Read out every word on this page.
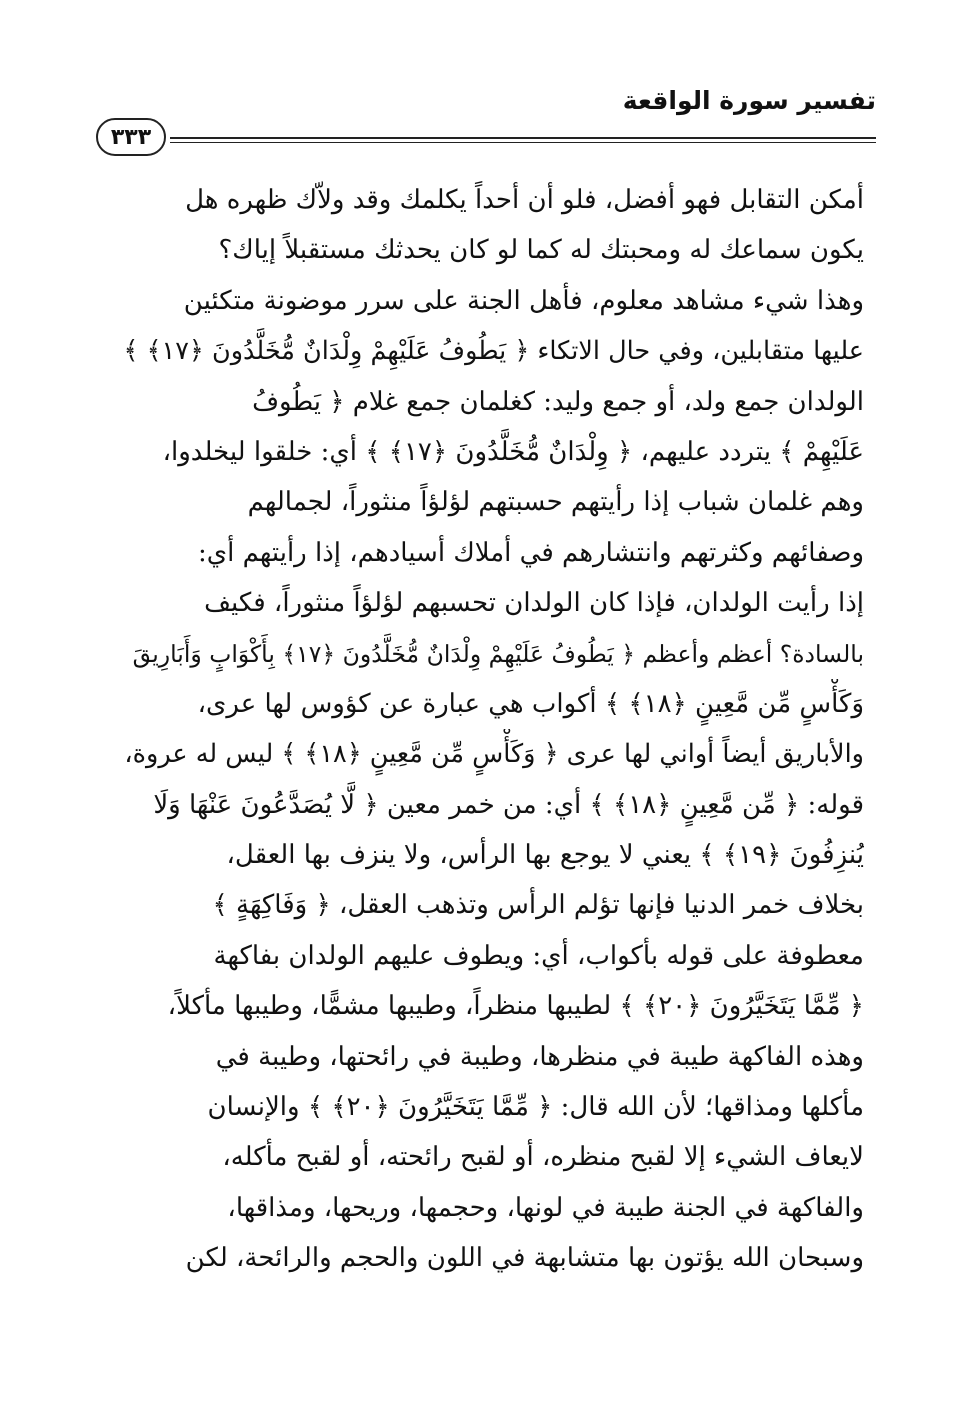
تفسير سورة الواقعة
٣٣٣
أمكن التقابل فهو أفضل، فلو أن أحداً يكلمك وقد ولاّك ظهره هل
يكون سماعك له ومحبتك له كما لو كان يحدثك مستقبلاً إياك؟
وهذا شيء مشاهد معلوم، فأهل الجنة على سرر موضونة متكئين
عليها متقابلين، وفي حال الاتكاء ﴿ يَطُوفُ عَلَيْهِمْ وِلْدَانٌ مُّخَلَّدُونَ ﴿١٧﴾ ﴾
الولدان جمع ولد، أو جمع وليد: كغلمان جمع غلام ﴿ يَطُوفُ
عَلَيْهِمْ ﴾ يتردد عليهم، ﴿ وِلْدَانٌ مُّخَلَّدُونَ ﴿١٧﴾ ﴾ أي: خلقوا ليخلدوا،
وهم غلمان شباب إذا رأيتهم حسبتهم لؤلؤاً منثوراً، لجمالهم
وصفائهم وكثرتهم وانتشارهم في أملاك أسيادهم، إذا رأيتهم أي:
إذا رأيت الولدان، فإذا كان الولدان تحسبهم لؤلؤاً منثوراً، فكيف
بالسادة؟ أعظم وأعظم ﴿ يَطُوفُ عَلَيْهِمْ وِلْدَانٌ مُّخَلَّدُونَ ﴿١٧﴾ بِأَكْوَابٍ وَأَبَارِيقَ
وَكَأْسٍ مِّن مَّعِينٍ ﴿١٨﴾ ﴾ أكواب هي عبارة عن كؤوس لها عرى،
والأباريق أيضاً أواني لها عرى ﴿ وَكَأْسٍ مِّن مَّعِينٍ ﴿١٨﴾ ﴾ ليس له عروة،
قوله: ﴿ مِّن مَّعِينٍ ﴿١٨﴾ ﴾ أي: من خمر معين ﴿ لَّا يُصَدَّعُونَ عَنْهَا وَلَا
يُنزِفُونَ ﴿١٩﴾ ﴾ يعني لا يوجع بها الرأس، ولا ينزف بها العقل،
بخلاف خمر الدنيا فإنها تؤلم الرأس وتذهب العقل، ﴿ وَفَاكِهَةٍ ﴾
معطوفة على قوله بأكواب، أي: ويطوف عليهم الولدان بفاكهة
﴿ مِّمَّا يَتَخَيَّرُونَ ﴿٢٠﴾ ﴾ لطيبها منظراً، وطيبها مشمًّا، وطيبها مأكلاً،
وهذه الفاكهة طيبة في منظرها، وطيبة في رائحتها، وطيبة في
مأكلها ومذاقها؛ لأن الله قال: ﴿ مِّمَّا يَتَخَيَّرُونَ ﴿٢٠﴾ ﴾ والإنسان
لايعاف الشيء إلا لقبح منظره، أو لقبح رائحته، أو لقبح مأكله،
والفاكهة في الجنة طيبة في لونها، وحجمها، وريحها، ومذاقها،
وسبحان الله يؤتون بها متشابهة في اللون والحجم والرائحة، لكن
